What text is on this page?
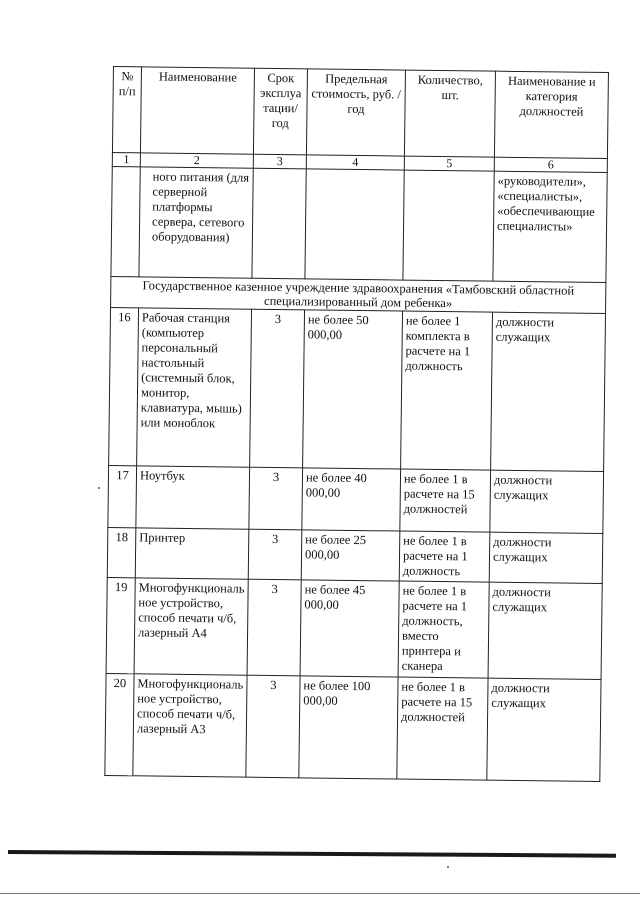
№ п/п	Наименование	Срок эксплуатации/ год	Предельная стоимость, руб. / год	Количество, шт.	Наименование и категория должностей
1	2	3	4	5	6
	ного питания (для серверной платформы сервера, сетевого оборудования)				«руководители», «специалисты», «обеспечивающие специалисты»
Государственное казенное учреждение здравоохранения «Тамбовский областной специализированный дом ребенка»					
16	Рабочая станция (компьютер персональный настольный (системный блок, монитор, клавиатура, мышь) или моноблок	3	не более 50 000,00	не более 1 комплекта в расчете на 1 должность	должности служащих
17	Ноутбук	3	не более 40 000,00	не более 1 в расчете на 15 должностей	должности служащих
18	Принтер	3	не более 25 000,00	не более 1 в расчете на 1 должность	должности служащих
19	Многофункциональное устройство, способ печати ч/б, лазерный А4	3	не более 45 000,00	не более 1 в расчете на 1 должность, вместо принтера и сканера	должности служащих
20	Многофункциональное устройство, способ печати ч/б, лазерный А3	3	не более 100 000,00	не более 1 в расчете на 15 должностей	должности служащих
